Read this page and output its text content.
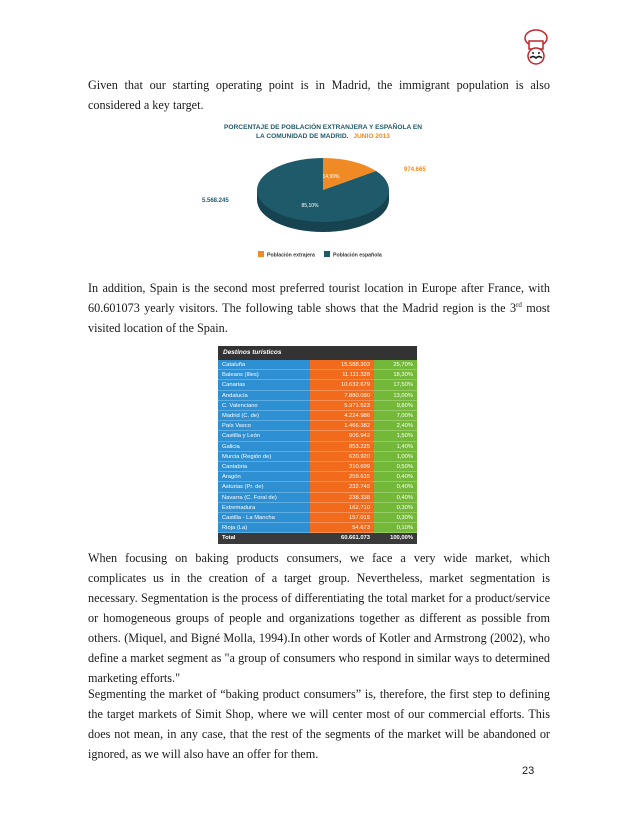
Given that our starting operating point is in Madrid, the immigrant population is also considered a key target.

PORCENTAJE DE POBLACIÓN EXTRANJERA Y ESPAÑOLA EN
LA COMUNIDAD DE MADRID. JUNIO 2013
974.665
5.568.245
14,90%
85,10%
Población extrajera	Población española

In addition, Spain is the second most preferred tourist location in Europe after France, with 60.601073 yearly visitors. The following table shows that the Madrid region is the 3rd most visited location of the Spain.

Destinos turísticos
Cataluña	15.588.203	25,70%
Baleans (Illes)	11.111.328	18,30%
Canarias	10.632.679	17,50%
Andalucía	7.880.090	13,00%
C. Valenciano	5.971.523	9,80%
Madrid (C. de)	4.224.986	7,00%
País Vasco	1.466.382	2,40%
Castilla y León	905.942	1,50%
Galicia	853.225	1,40%
Murcia (Región de)	620.920	1,00%
Cantabria	310.699	0,50%
Aragón	259.615	0,40%
Asturias (Pr. de)	232.745	0,40%
Navarra (C. Foral de)	238.338	0,40%
Extremadura	162.710	0,30%
Castilla - La Mancha	157.015	0,30%
Rioja (La)	54.673	0,10%
Total	60.661.073	100,00%

When focusing on baking products consumers, we face a very wide market, which complicates us in the creation of a target group. Nevertheless, market segmentation is necessary. Segmentation is the process of differentiating the total market for a product/service or homogeneous groups of people and organizations together as different as possible from others. (Miquel, and Bigné Molla, 1994).In other words of Kotler and Armstrong (2002), who define a market segment as "a group of consumers who respond in similar ways to determined marketing efforts."

Segmenting the market of “baking product consumers” is, therefore, the first step to defining the target markets of Simit Shop, where we will center most of our commercial efforts. This does not mean, in any case, that the rest of the segments of the market will be abandoned or ignored, as we will also have an offer for them.

23
